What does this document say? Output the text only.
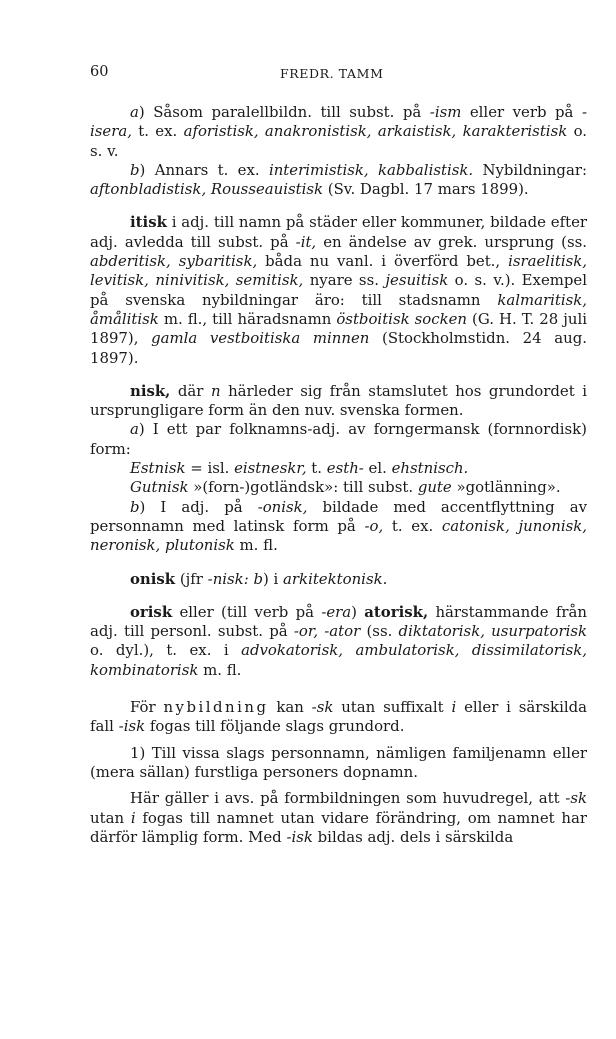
60	FREDR. TAMM

a) Såsom paralellbildn. till subst. på -ism eller verb på -isera, t. ex. aforistisk, anakronistisk, arkaistisk, karakteristisk o. s. v.

b) Annars t. ex. interimistisk, kabbalistisk. Nybildningar: aftonbladistisk, Rousseauistisk (Sv. Dagbl. 17 mars 1899).

itisk i adj. till namn på städer eller kommuner, bildade efter adj. avledda till subst. på -it, en ändelse av grek. ursprung (ss. abderitisk, sybaritisk, båda nu vanl. i överförd bet., israelitisk, levitisk, ninivitisk, semitisk, nyare ss. jesuitisk o. s. v.). Exempel på svenska nybildningar äro: till stadsnamn kalmaritisk, åmålitisk m. fl., till häradsnamn östboitisk socken (G. H. T. 28 juli 1897), gamla vestboitiska minnen (Stockholmstidn. 24 aug. 1897).

nisk, där n härleder sig från stamslutet hos grundordet i ursprungligare form än den nuv. svenska formen.

a) I ett par folknamns-adj. av forngermansk (fornnordisk) form:

Estnisk = isl. eistneskr, t. esth- el. ehstnisch.

Gutnisk »(forn-)gotländsk»: till subst. gute »gotlänning».

b) I adj. på -onisk, bildade med accentflyttning av personnamn med latinsk form på -o, t. ex. catonisk, junonisk, neronisk, plutonisk m. fl.

onisk (jfr -nisk: b) i arkitektonisk.

orisk eller (till verb på -era) atorisk, härstammande från adj. till personl. subst. på -or, -ator (ss. diktatorisk, usurpatorisk o. dyl.), t. ex. i advokatorisk, ambulatorisk, dissimilatorisk, kombinatorisk m. fl.

För nybildning kan -sk utan suffixalt i eller i särskilda fall -isk fogas till följande slags grundord.

1) Till vissa slags personnamn, nämligen familjenamn eller (mera sällan) furstliga personers dopnamn.

Här gäller i avs. på formbildningen som huvudregel, att -sk utan i fogas till namnet utan vidare förändring, om namnet har därför lämplig form. Med -isk bildas adj. dels i särskilda
